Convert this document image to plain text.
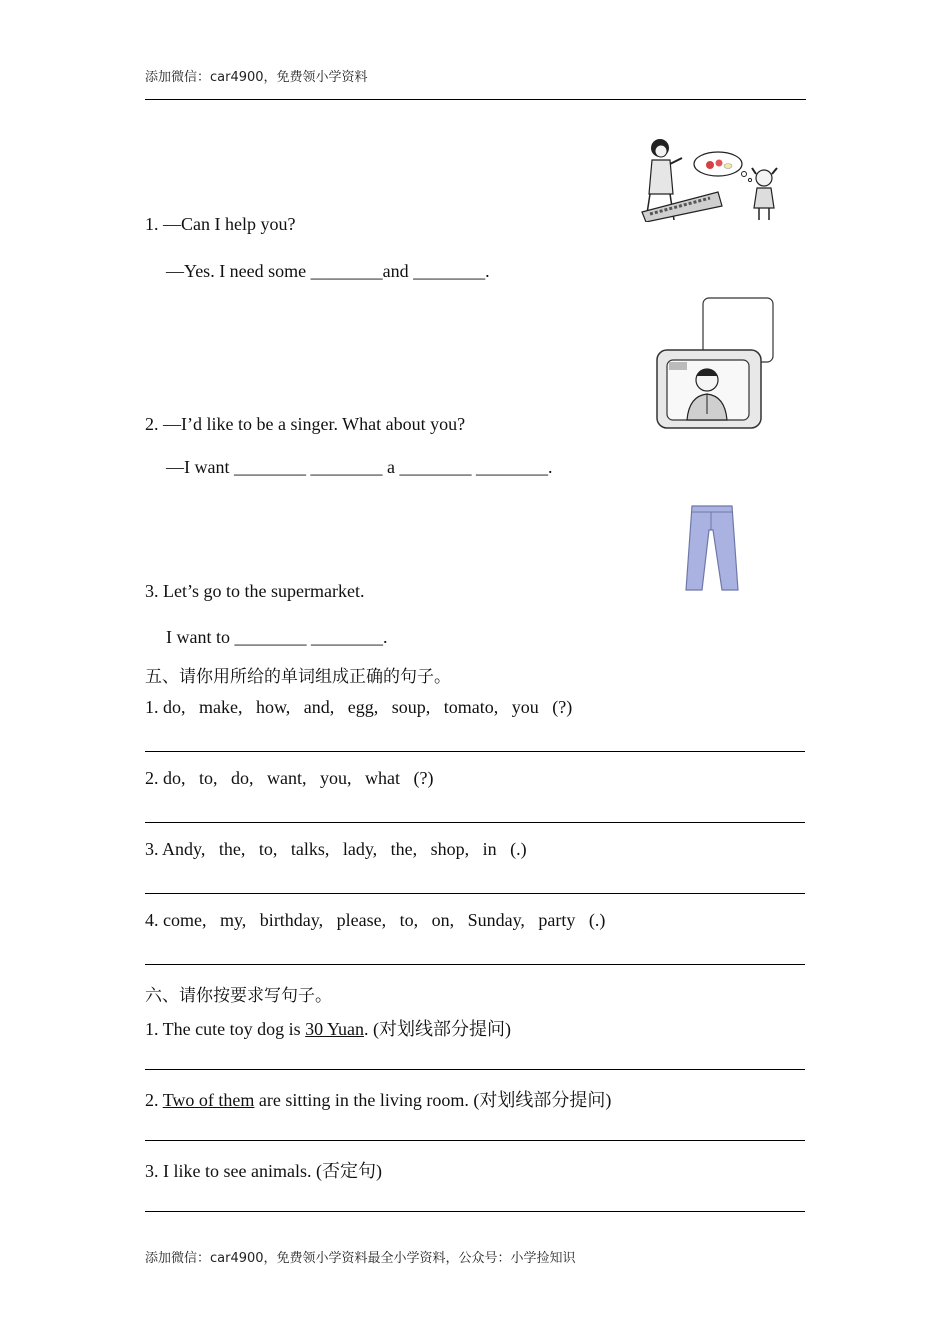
添加微信：car4900，免费领小学资料
1. —Can I help you?
—Yes. I need some ________and ________.
2. —I’d like to be a singer. What about you?
—I want ________ ________ a ________ ________.
3. Let’s go to the supermarket.
I want to ________ ________.
五、请你用所给的单词组成正确的句子。
1. do,   make,   how,   and,   egg,   soup,   tomato,   you   (?)
2. do,   to,   do,   want,   you,   what   (?)
3. Andy,   the,   to,   talks,   lady,   the,   shop,   in   (.)
4. come,   my,   birthday,   please,   to,   on,   Sunday,   party   (.)
六、请你按要求写句子。
1. The cute toy dog is 30 Yuan. (对划线部分提问)
2. Two of them are sitting in the living room. (对划线部分提问)
3. I like to see animals. (否定句)
添加微信：car4900，免费领小学资料最全小学资料，公众号：小学捡知识
